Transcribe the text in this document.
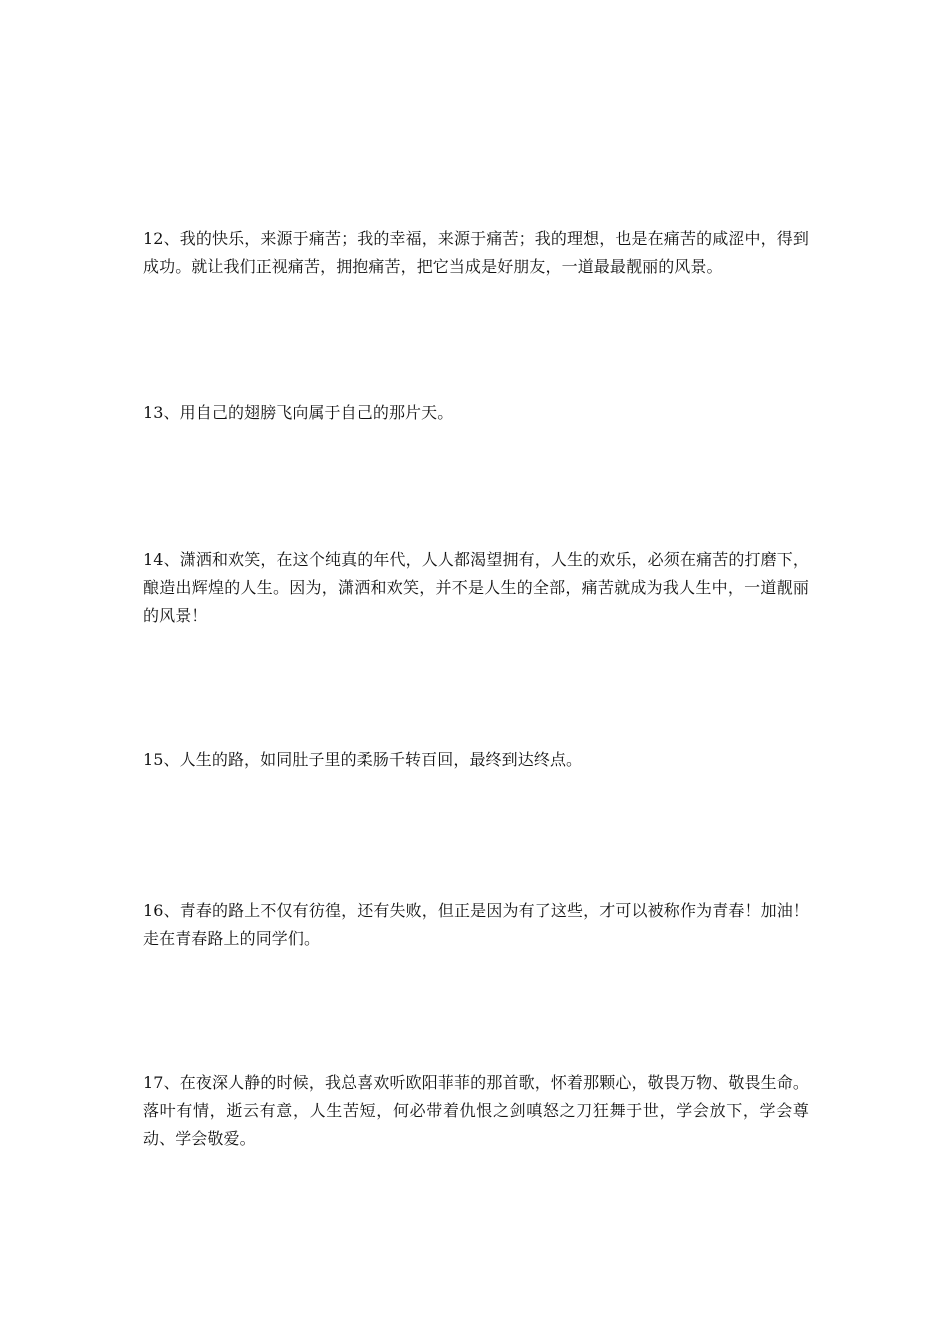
12、我的快乐，来源于痛苦；我的幸福，来源于痛苦；我的理想，也是在痛苦的咸涩中，得到成功。就让我们正视痛苦，拥抱痛苦，把它当成是好朋友，一道最最靓丽的风景。

13、用自己的翅膀飞向属于自己的那片天。

14、潇洒和欢笑，在这个纯真的年代，人人都渴望拥有，人生的欢乐，必须在痛苦的打磨下，酿造出辉煌的人生。因为，潇洒和欢笑，并不是人生的全部，痛苦就成为我人生中，一道靓丽的风景！

15、人生的路，如同肚子里的柔肠千转百回，最终到达终点。

16、青春的路上不仅有彷徨，还有失败，但正是因为有了这些，才可以被称作为青春！加油！走在青春路上的同学们。

17、在夜深人静的时候，我总喜欢听欧阳菲菲的那首歌，怀着那颗心，敬畏万物、敬畏生命。落叶有情，逝云有意，人生苦短，何必带着仇恨之剑嗔怒之刀狂舞于世，学会放下，学会尊动、学会敬爱。
